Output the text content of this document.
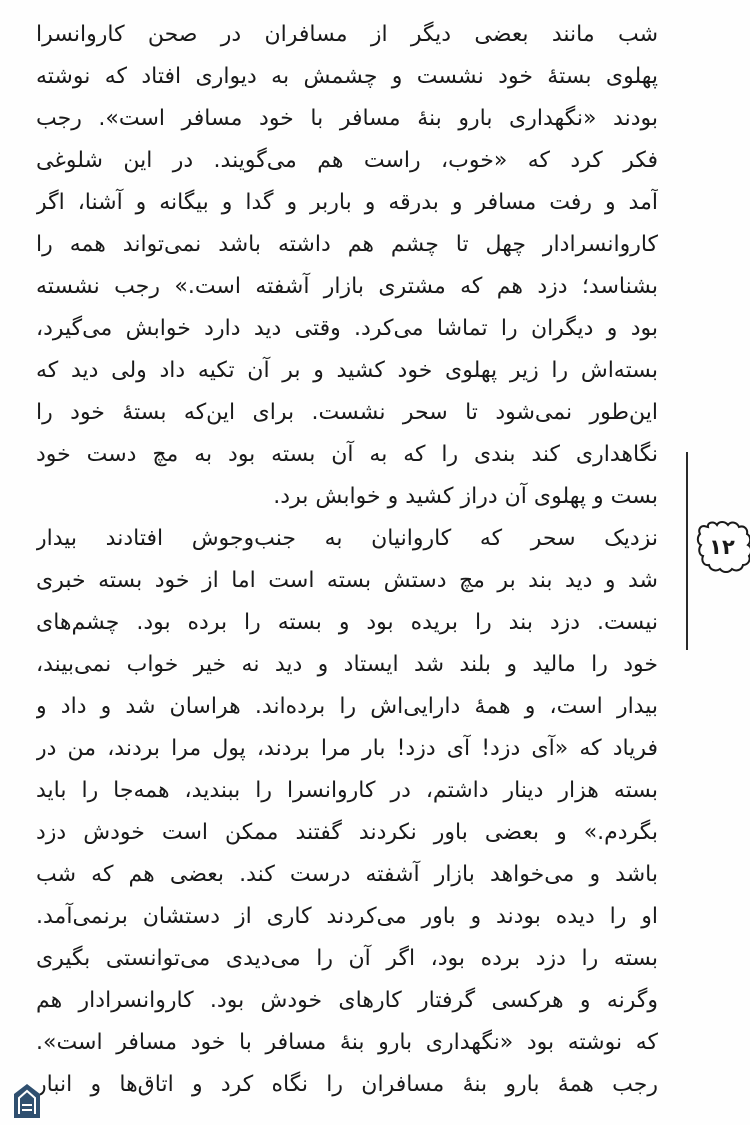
شب مانند بعضی دیگر از مسافران در صحن کاروانسرا
پهلوی بستهٔ خود نشست و چشمش به دیواری افتاد که نوشته
بودند «نگهداری بارو بنهٔ مسافر با خود مسافر است». رجب
فکر کرد که «خوب، راست هم می‌گویند. در این شلوغی
آمد و رفت مسافر و بدرقه و باربر و گدا و بیگانه و آشنا، اگر
کاروانسرادار چهل تا چشم هم داشته باشد نمی‌تواند همه را
بشناسد؛ دزد هم که مشتری بازار آشفته است.» رجب نشسته
بود و دیگران را تماشا می‌کرد. وقتی دید دارد خوابش می‌گیرد،
بسته‌اش را زیر پهلوی خود کشید و بر آن تکیه داد ولی دید که
این‌طور نمی‌شود تا سحر نشست. برای این‌که بستهٔ خود را
نگاهداری کند بندی را که به آن بسته بود به مچ دست خود
بست و پهلوی آن دراز کشید و خوابش برد.
نزدیک سحر که کاروانیان به جنب‌وجوش افتادند بیدار
شد و دید بند بر مچ دستش بسته است اما از خود بسته خبری
نیست. دزد بند را بریده بود و بسته را برده بود. چشم‌های
خود را مالید و بلند شد ایستاد و دید نه خیر خواب نمی‌بیند،
بیدار است، و همهٔ دارایی‌اش را برده‌اند. هراسان شد و داد و
فریاد که «آی دزد! آی دزد! بار مرا بردند، پول مرا بردند، من در
بسته هزار دینار داشتم، در کاروانسرا را ببندید، همه‌جا را باید
بگردم.» و بعضی باور نکردند گفتند ممکن است خودش دزد
باشد و می‌خواهد بازار آشفته درست کند. بعضی هم که شب
او را دیده بودند و باور می‌کردند کاری از دستشان برنمی‌آمد.
بسته را دزد برده بود، اگر آن را می‌دیدی می‌توانستی بگیری
وگرنه و هرکسی گرفتار کارهای خودش بود. کاروانسرادار هم
که نوشته بود «نگهداری بارو بنهٔ مسافر با خود مسافر است».
رجب همهٔ بارو بنهٔ مسافران را نگاه کرد و اتاق‌ها و انبار
۱۲
